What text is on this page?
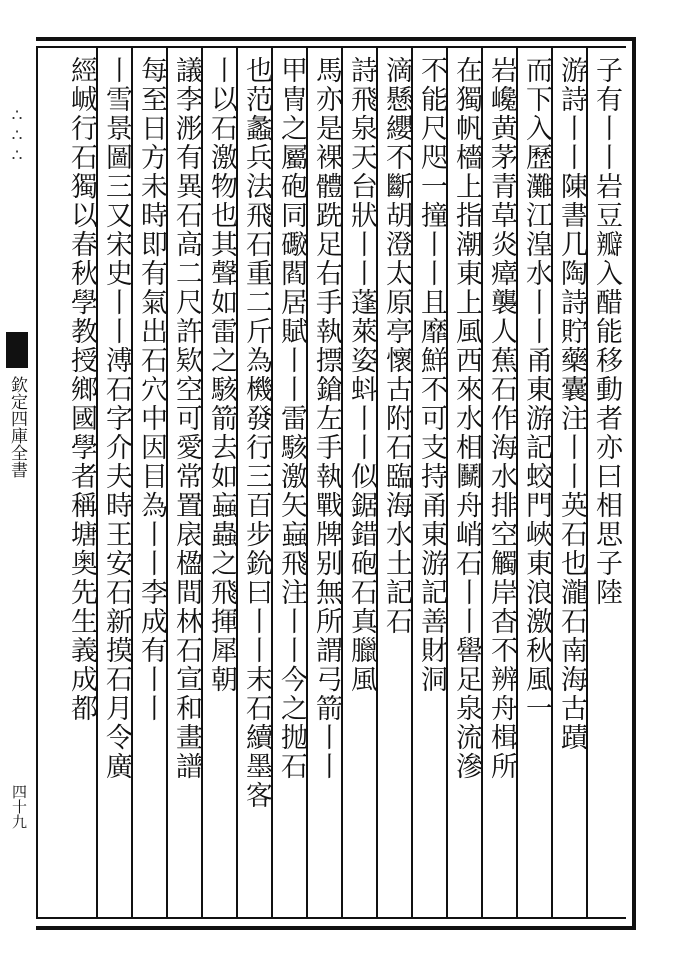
∴∴∴
欽定四庫全書
四十九
子有丨丨岩豆瓣入醋能移動者亦曰相思子陸
游詩丨丨陳書几陶詩貯藥囊注丨丨英石也瀧石南海古蹟
而下入歷灘江湟水丨丨甬東游記蛟門峽東浪激秋風一
岩巉黄茅青草炎瘴襲人蕉石作海水排空觸岸杳不辨舟楫所
在獨帆檣上指潮東上風西來水相鬭舟峭石丨丨嚳足泉流滲
不能尺咫一撞丨丨且靡鮮不可支持甬東游記善財洞
滴懸纓不斷胡澄太原亭懷古附石臨海水土記石
詩飛泉天台狀丨丨蓬萊姿蚪丨丨似鋸錯砲石真臘風
馬亦是裸體跣足右手執摽鎗左手執戰牌别無所謂弓箭丨丨
甲冑之屬砲同礮閻居賦丨丨雷駭激矢蝱飛注丨丨今之抛石
也范蠡兵法飛石重二斤為機發行三百步鈗曰丨丨末石續墨客
丨以石激物也其聲如雷之駭箭去如蝱蟲之飛揮犀朝
議李浵有異石高二尺許欵空可愛常置扆楹間林石宣和畫譜
每至日方未時即有氣出石穴中因目為丨丨李成有丨丨
丨雪景圖三又宋史丨丨溥石字介夫時王安石新摸石月令廣
經峸行石獨以春秋學教授鄉國學者稱塘奥先生義成都
